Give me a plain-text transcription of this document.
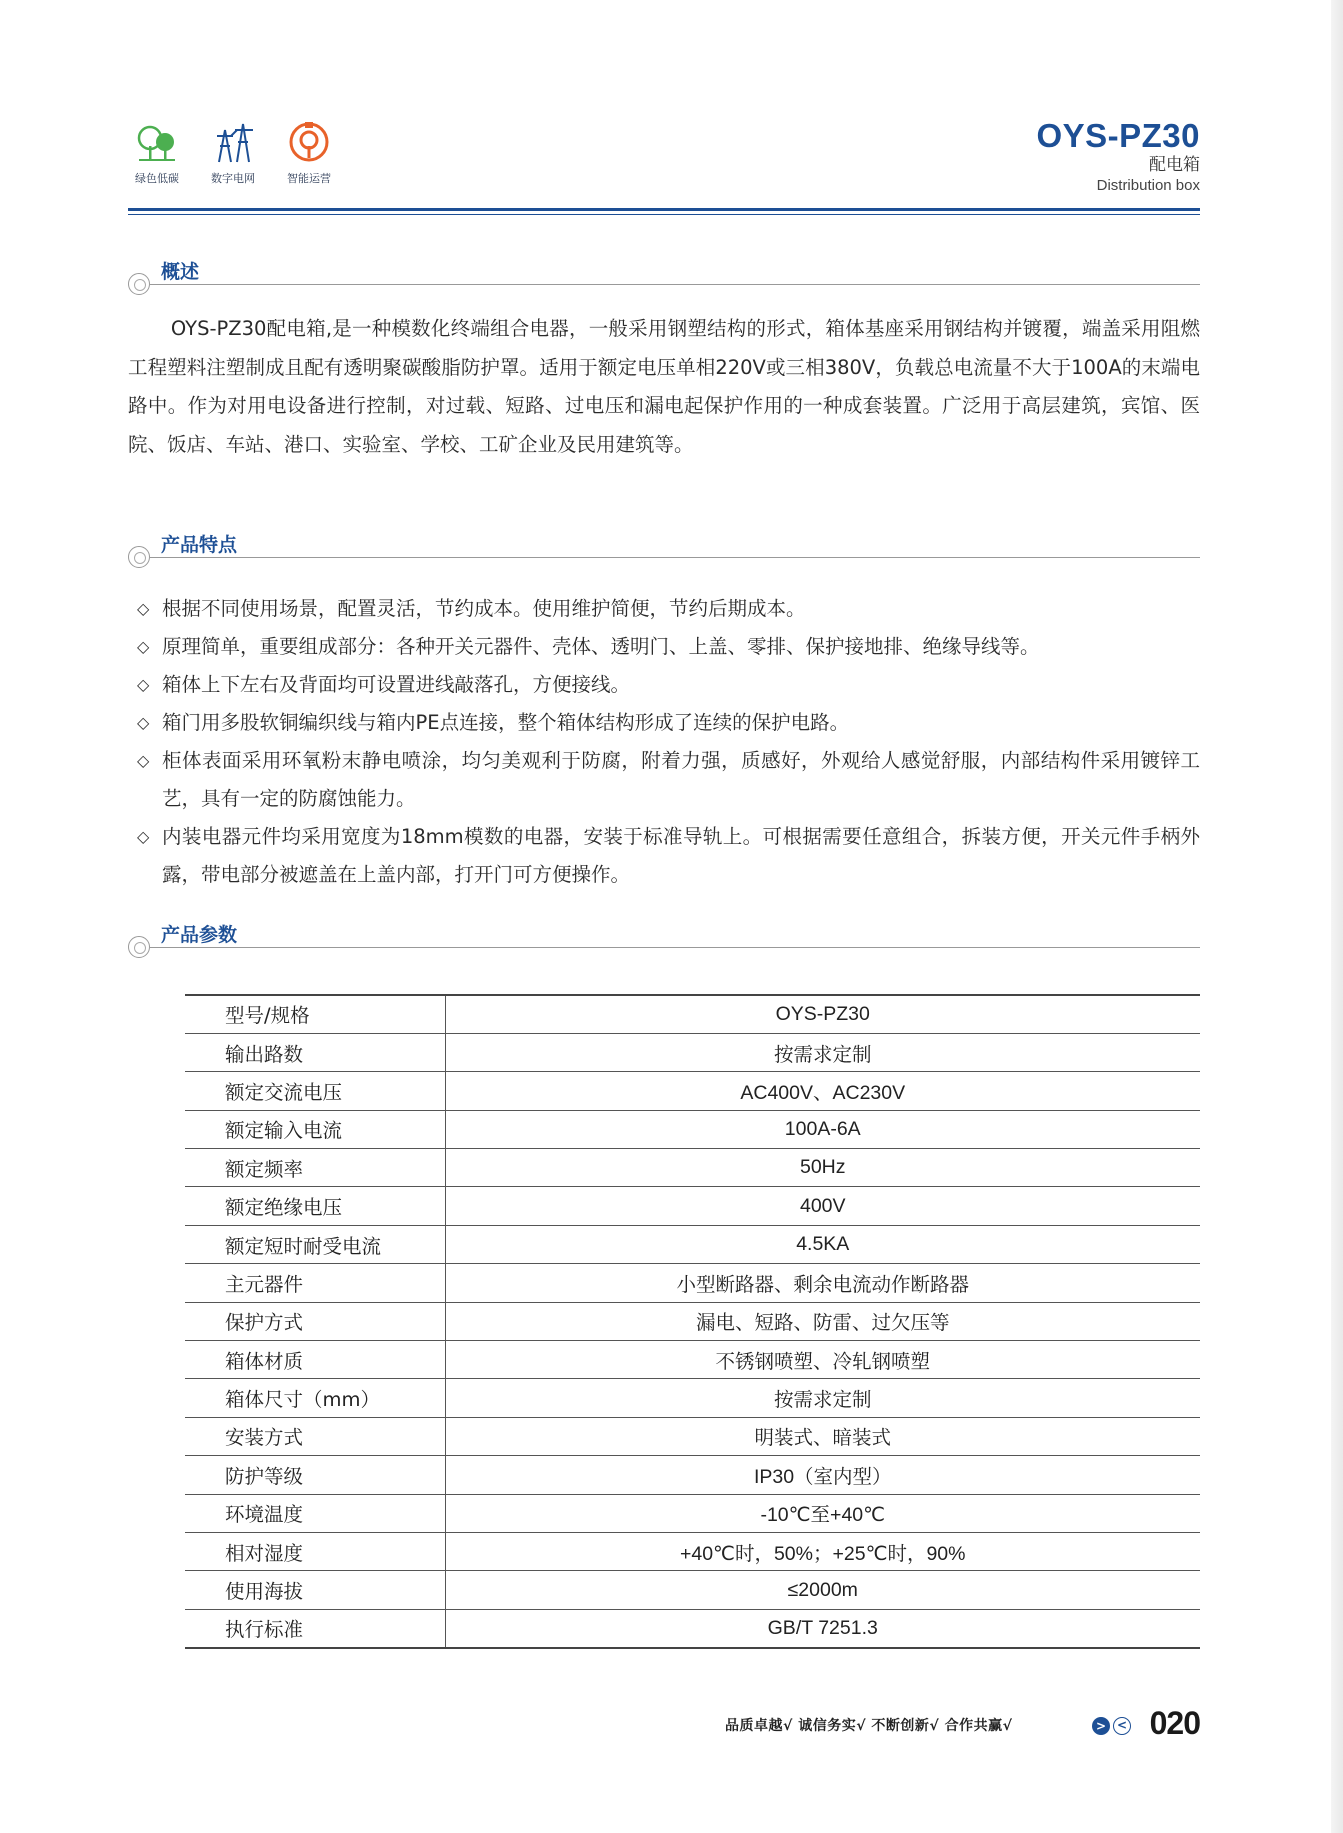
绿色低碳	数字电网	智能运营
OYS-PZ30
配电箱
Distribution box
概述

OYS-PZ30配电箱,是一种模数化终端组合电器，一般采用钢塑结构的形式，箱体基座采用钢结构并镀覆，端盖采用阻燃工程塑料注塑制成且配有透明聚碳酸脂防护罩。适用于额定电压单相220V或三相380V，负载总电流量不大于100A的末端电路中。作为对用电设备进行控制，对过载、短路、过电压和漏电起保护作用的一种成套装置。广泛用于高层建筑，宾馆、医院、饭店、车站、港口、实验室、学校、工矿企业及民用建筑等。

产品特点
◇ 根据不同使用场景，配置灵活，节约成本。使用维护简便，节约后期成本。
◇ 原理简单，重要组成部分：各种开关元器件、壳体、透明门、上盖、零排、保护接地排、绝缘导线等。
◇ 箱体上下左右及背面均可设置进线敲落孔，方便接线。
◇ 箱门用多股软铜编织线与箱内PE点连接，整个箱体结构形成了连续的保护电路。
◇ 柜体表面采用环氧粉末静电喷涂，均匀美观利于防腐，附着力强，质感好，外观给人感觉舒服，内部结构件采用镀锌工艺，具有一定的防腐蚀能力。
◇ 内装电器元件均采用宽度为18mm模数的电器，安装于标准导轨上。可根据需要任意组合，拆装方便，开关元件手柄外露，带电部分被遮盖在上盖内部，打开门可方便操作。
产品参数
型号/规格	OYS-PZ30
输出路数	按需求定制
额定交流电压	AC400V、AC230V
额定输入电流	100A-6A
额定频率	50Hz
额定绝缘电压	400V
额定短时耐受电流	4.5KA
主元器件	小型断路器、剩余电流动作断路器
保护方式	漏电、短路、防雷、过欠压等
箱体材质	不锈钢喷塑、冷轧钢喷塑
箱体尺寸（mm）	按需求定制
安装方式	明装式、暗装式
防护等级	IP30（室内型）
环境温度	-10℃至+40℃
相对湿度	+40℃时，50%；+25℃时，90%
使用海拔	≤2000m
执行标准	GB/T 7251.3
品质卓越√ 诚信务实√ 不断创新√ 合作共赢√	> < 020
